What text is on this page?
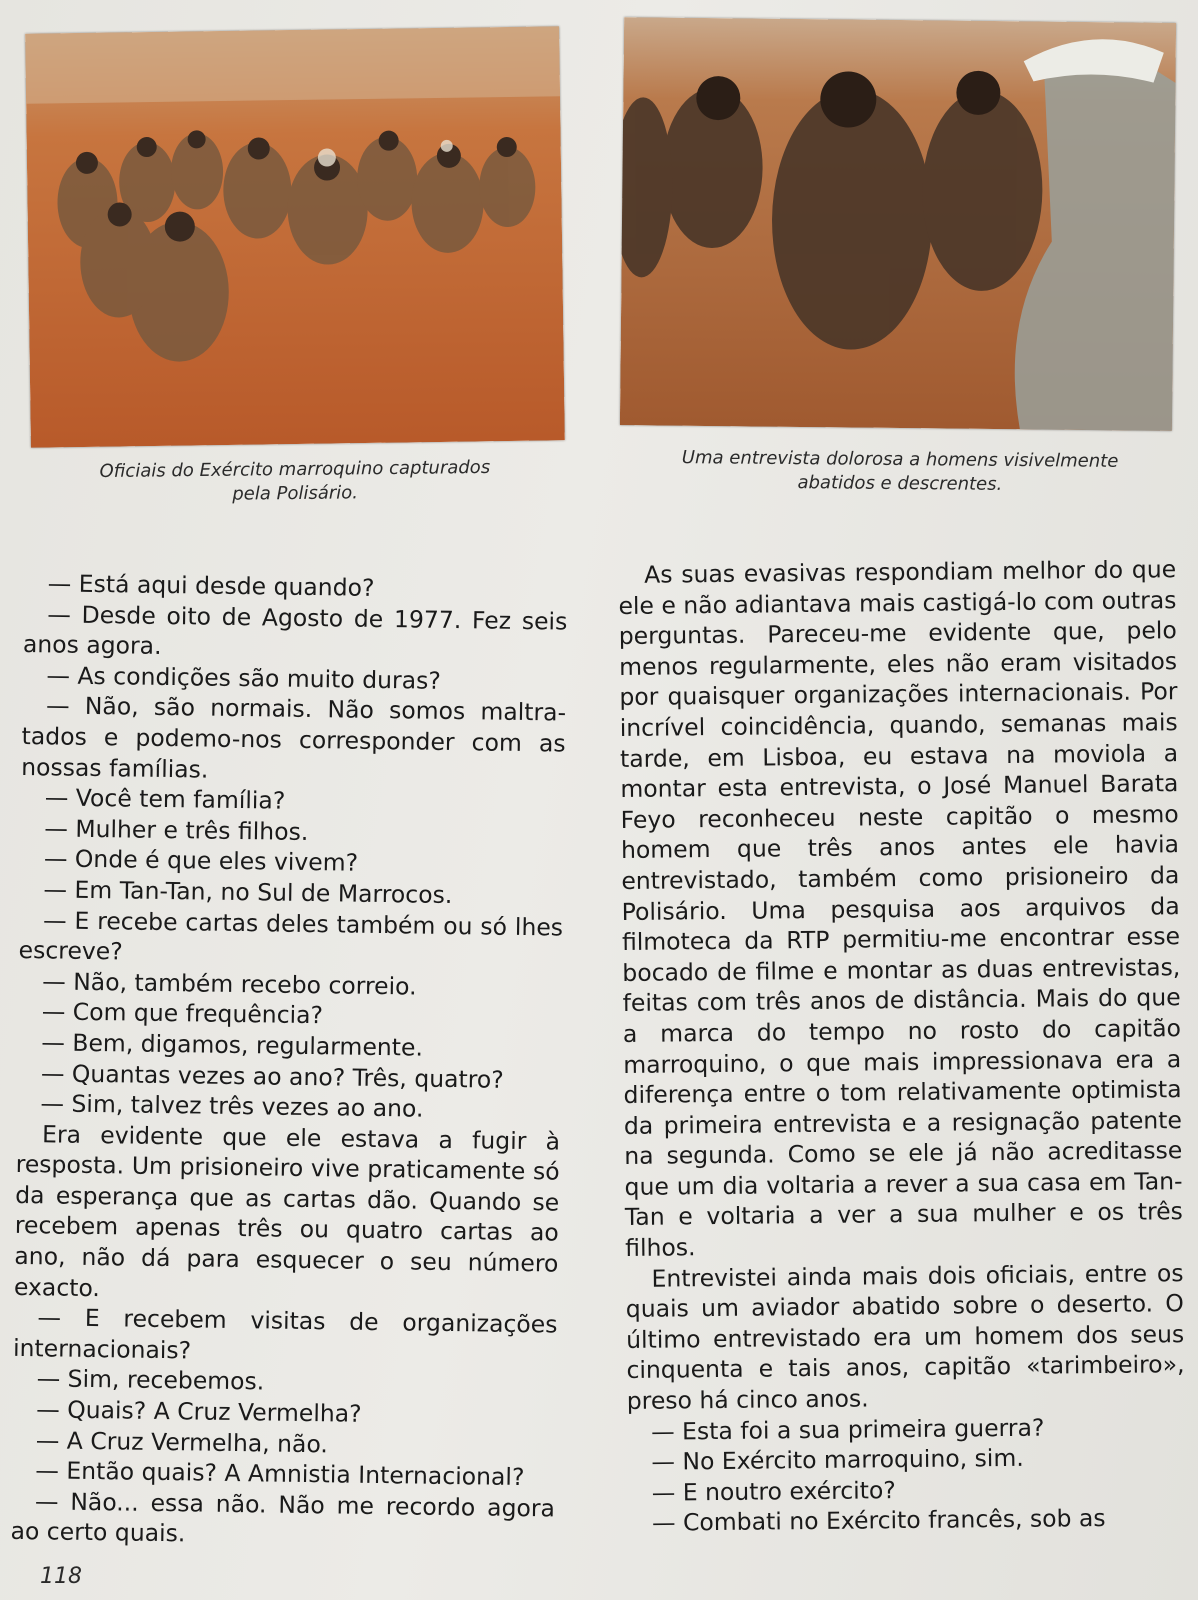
Oficiais do Exército marroquino capturados
pela Polisário.
Uma entrevista dolorosa a homens visivelmente
abatidos e descrentes.

— Está aqui desde quando?

— Desde oito de Agosto de 1977. Fez seis anos agora.

— As condições são muito duras?

— Não, são normais. Não somos maltra-tados e podemo-nos corresponder com as nossas famílias.

— Você tem família?

— Mulher e três filhos.

— Onde é que eles vivem?

— Em Tan-Tan, no Sul de Marrocos.

— E recebe cartas deles também ou só lhes escreve?

— Não, também recebo correio.

— Com que frequência?

— Bem, digamos, regularmente.

— Quantas vezes ao ano? Três, quatro?

— Sim, talvez três vezes ao ano.

Era evidente que ele estava a fugir à resposta. Um prisioneiro vive praticamente só da esperança que as cartas dão. Quando se recebem apenas três ou quatro cartas ao ano, não dá para esquecer o seu número exacto.

— E recebem visitas de organizações internacionais?

— Sim, recebemos.

— Quais? A Cruz Vermelha?

— A Cruz Vermelha, não.

— Então quais? A Amnistia Internacional?

— Não... essa não. Não me recordo agora ao certo quais.

As suas evasivas respondiam melhor do que ele e não adiantava mais castigá-lo com outras perguntas. Pareceu-me evidente que, pelo menos regularmente, eles não eram visitados por quaisquer organizações internacionais. Por incrível coincidência, quando, semanas mais tarde, em Lisboa, eu estava na moviola a montar esta entrevista, o José Manuel Barata Feyo reconheceu neste capitão o mesmo homem que três anos antes ele havia entrevistado, também como prisioneiro da Polisário. Uma pesquisa aos arquivos da filmoteca da RTP permitiu-me encontrar esse bocado de filme e montar as duas entrevistas, feitas com três anos de distância. Mais do que a marca do tempo no rosto do capitão marroquino, o que mais impressionava era a diferença entre o tom relativamente optimista da primeira entrevista e a resignação patente na segunda. Como se ele já não acreditasse que um dia voltaria a rever a sua casa em Tan-Tan e voltaria a ver a sua mulher e os três filhos.

Entrevistei ainda mais dois oficiais, entre os quais um aviador abatido sobre o deserto. O último entrevistado era um homem dos seus cinquenta e tais anos, capitão «tarimbeiro», preso há cinco anos.

— Esta foi a sua primeira guerra?

— No Exército marroquino, sim.

— E noutro exército?

— Combati no Exército francês, sob as

118
